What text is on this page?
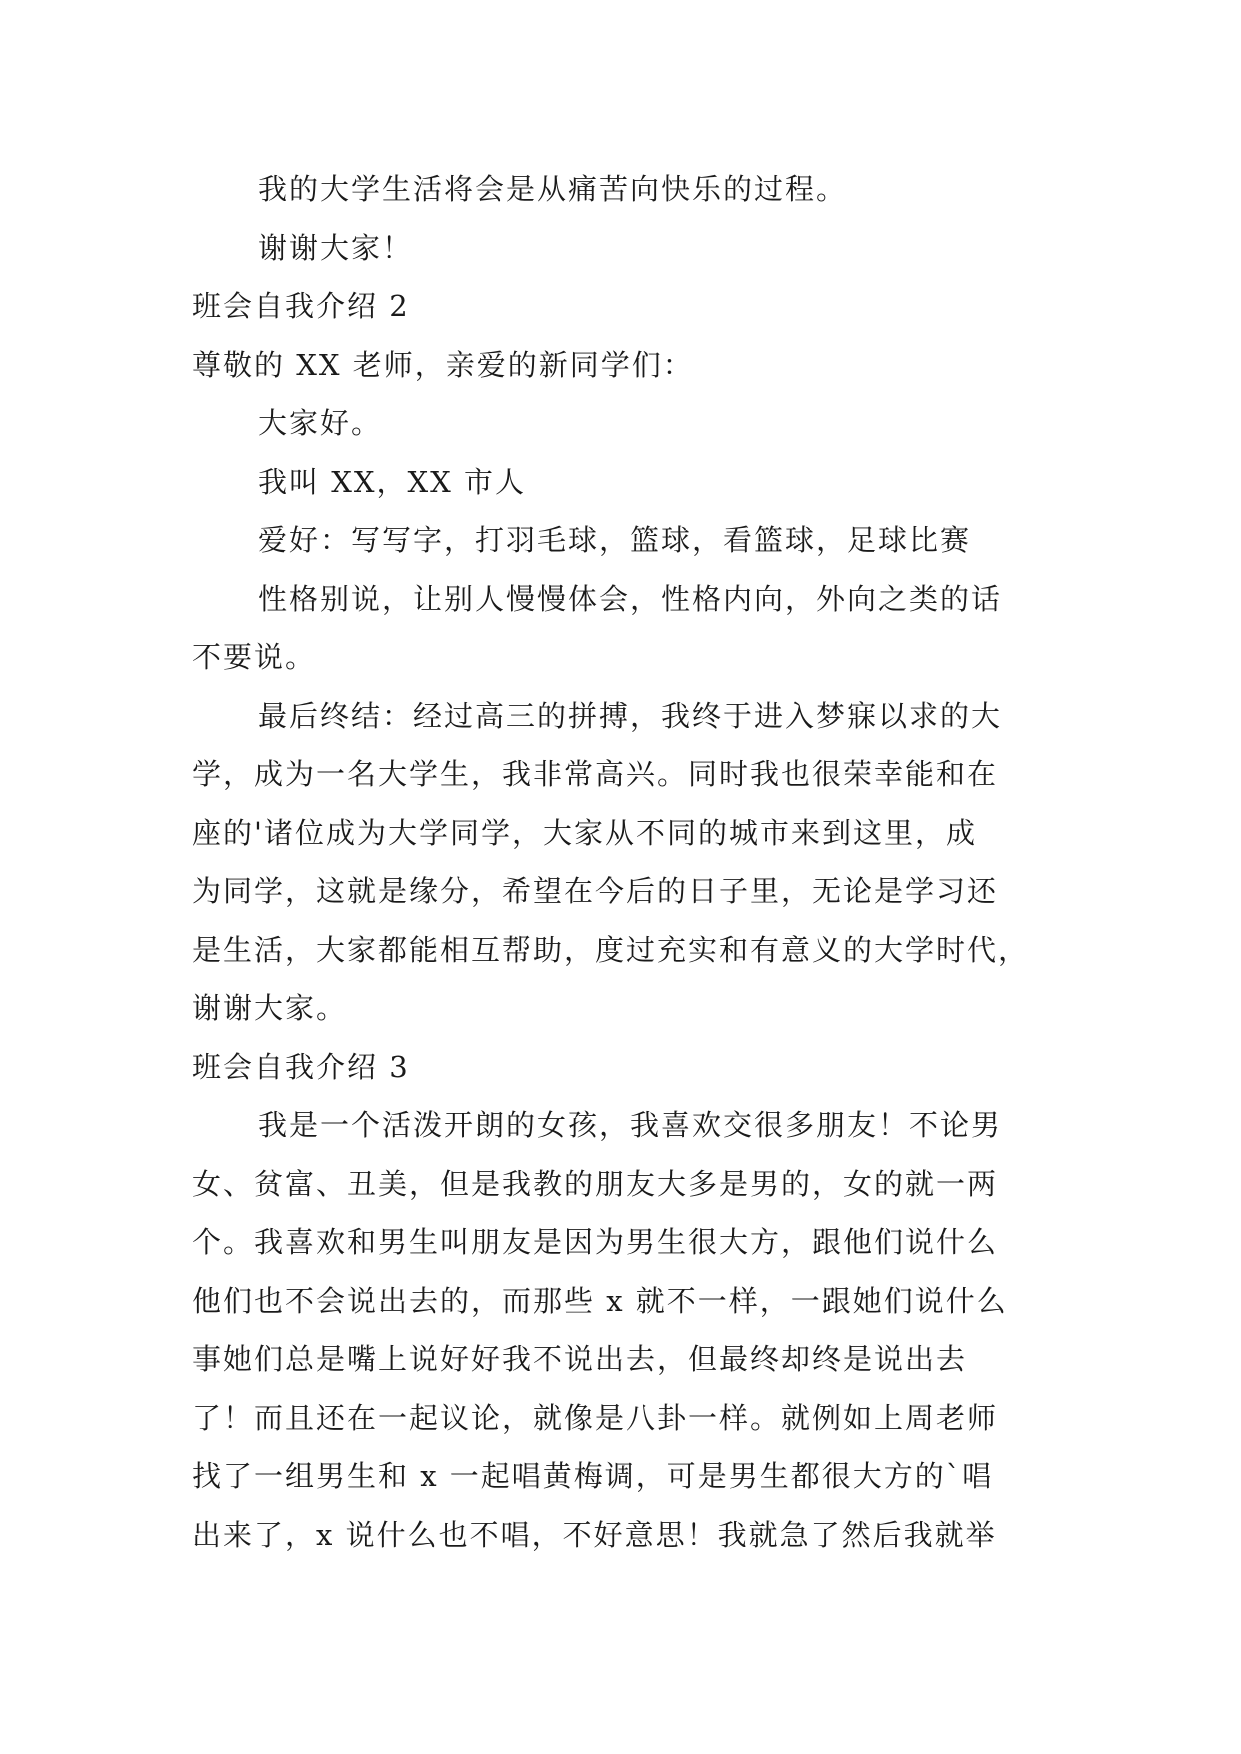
我的大学生活将会是从痛苦向快乐的过程。
谢谢大家！
班会自我介绍 2
尊敬的 XX 老师，亲爱的新同学们：
大家好。
我叫 XX，XX 市人
爱好：写写字，打羽毛球，篮球，看篮球，足球比赛
性格别说，让别人慢慢体会，性格内向，外向之类的话
不要说。
最后终结：经过高三的拼搏，我终于进入梦寐以求的大
学，成为一名大学生，我非常高兴。同时我也很荣幸能和在
座的'诸位成为大学同学，大家从不同的城市来到这里，成
为同学，这就是缘分，希望在今后的日子里，无论是学习还
是生活，大家都能相互帮助，度过充实和有意义的大学时代，
谢谢大家。
班会自我介绍 3
我是一个活泼开朗的女孩，我喜欢交很多朋友！不论男
女、贫富、丑美，但是我教的朋友大多是男的，女的就一两
个。我喜欢和男生叫朋友是因为男生很大方，跟他们说什么
他们也不会说出去的，而那些 x 就不一样，一跟她们说什么
事她们总是嘴上说好好我不说出去，但最终却终是说出去
了！而且还在一起议论，就像是八卦一样。就例如上周老师
找了一组男生和 x 一起唱黄梅调，可是男生都很大方的`唱
出来了，x 说什么也不唱，不好意思！我就急了然后我就举
